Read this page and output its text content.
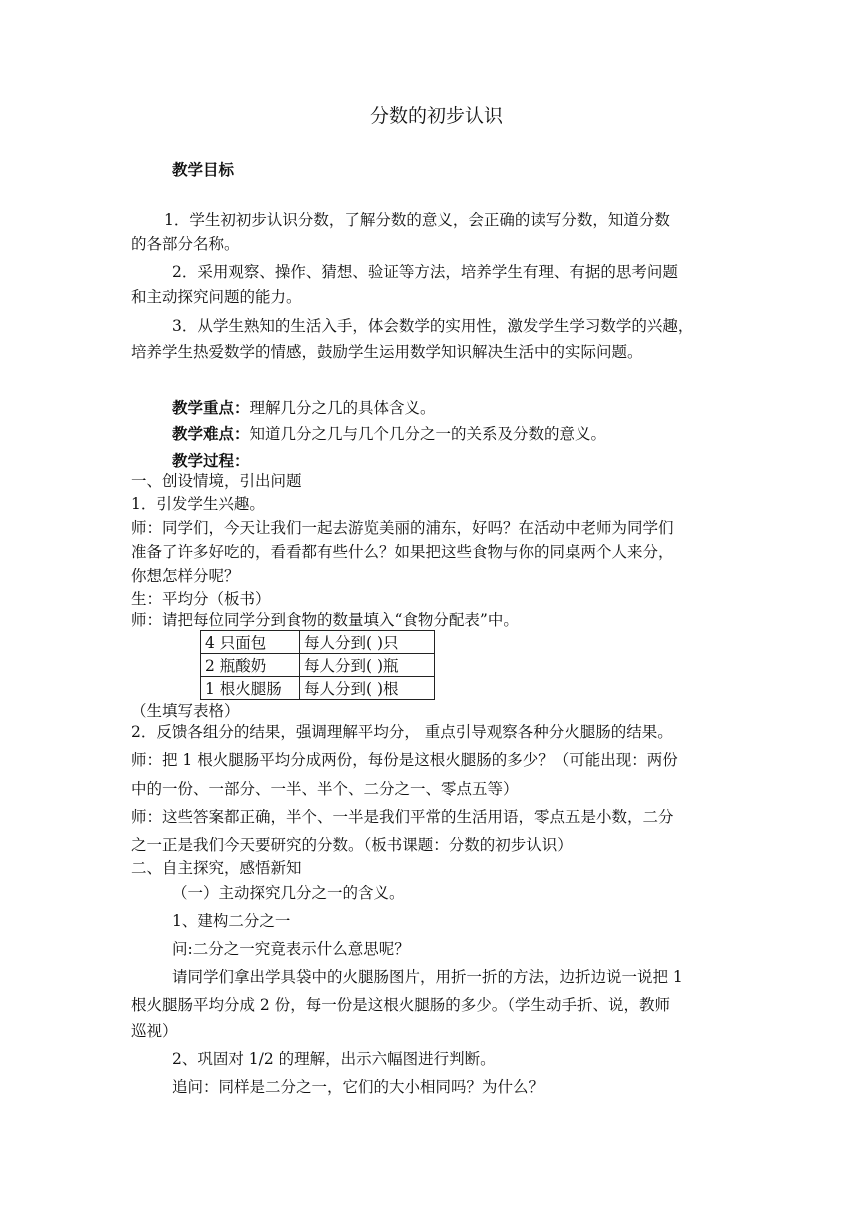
分数的初步认识
教学目标
1．学生初初步认识分数，了解分数的意义，会正确的读写分数，知道分数
的各部分名称。
2．采用观察、操作、猜想、验证等方法，培养学生有理、有据的思考问题
和主动探究问题的能力。
3．从学生熟知的生活入手，体会数学的实用性，激发学生学习数学的兴趣，
培养学生热爱数学的情感，鼓励学生运用数学知识解决生活中的实际问题。
教学重点：理解几分之几的具体含义。
教学难点：知道几分之几与几个几分之一的关系及分数的意义。
教学过程：
一、创设情境，引出问题
1．引发学生兴趣。
师：同学们，今天让我们一起去游览美丽的浦东，好吗？在活动中老师为同学们
准备了许多好吃的，看看都有些什么？如果把这些食物与你的同桌两个人来分，
你想怎样分呢？
生：平均分（板书）
师：请把每位同学分到食物的数量填入“食物分配表”中。
4 只面包	每人分到( )只
2 瓶酸奶	每人分到( )瓶
1 根火腿肠	每人分到( )根
（生填写表格）
2．反馈各组分的结果，强调理解平均分， 重点引导观察各种分火腿肠的结果。
师：把 1 根火腿肠平均分成两份，每份是这根火腿肠的多少？（可能出现：两份
中的一份、一部分、一半、半个、二分之一、零点五等）
师：这些答案都正确，半个、一半是我们平常的生活用语，零点五是小数，二分
之一正是我们今天要研究的分数。（板书课题：分数的初步认识）
二、自主探究，感悟新知
（一）主动探究几分之一的含义。
1、建构二分之一
问:二分之一究竟表示什么意思呢？
请同学们拿出学具袋中的火腿肠图片，用折一折的方法，边折边说一说把 1
根火腿肠平均分成 2 份，每一份是这根火腿肠的多少。（学生动手折、说，教师
巡视）
2、巩固对 1/2 的理解，出示六幅图进行判断。
追问：同样是二分之一，它们的大小相同吗？为什么？
